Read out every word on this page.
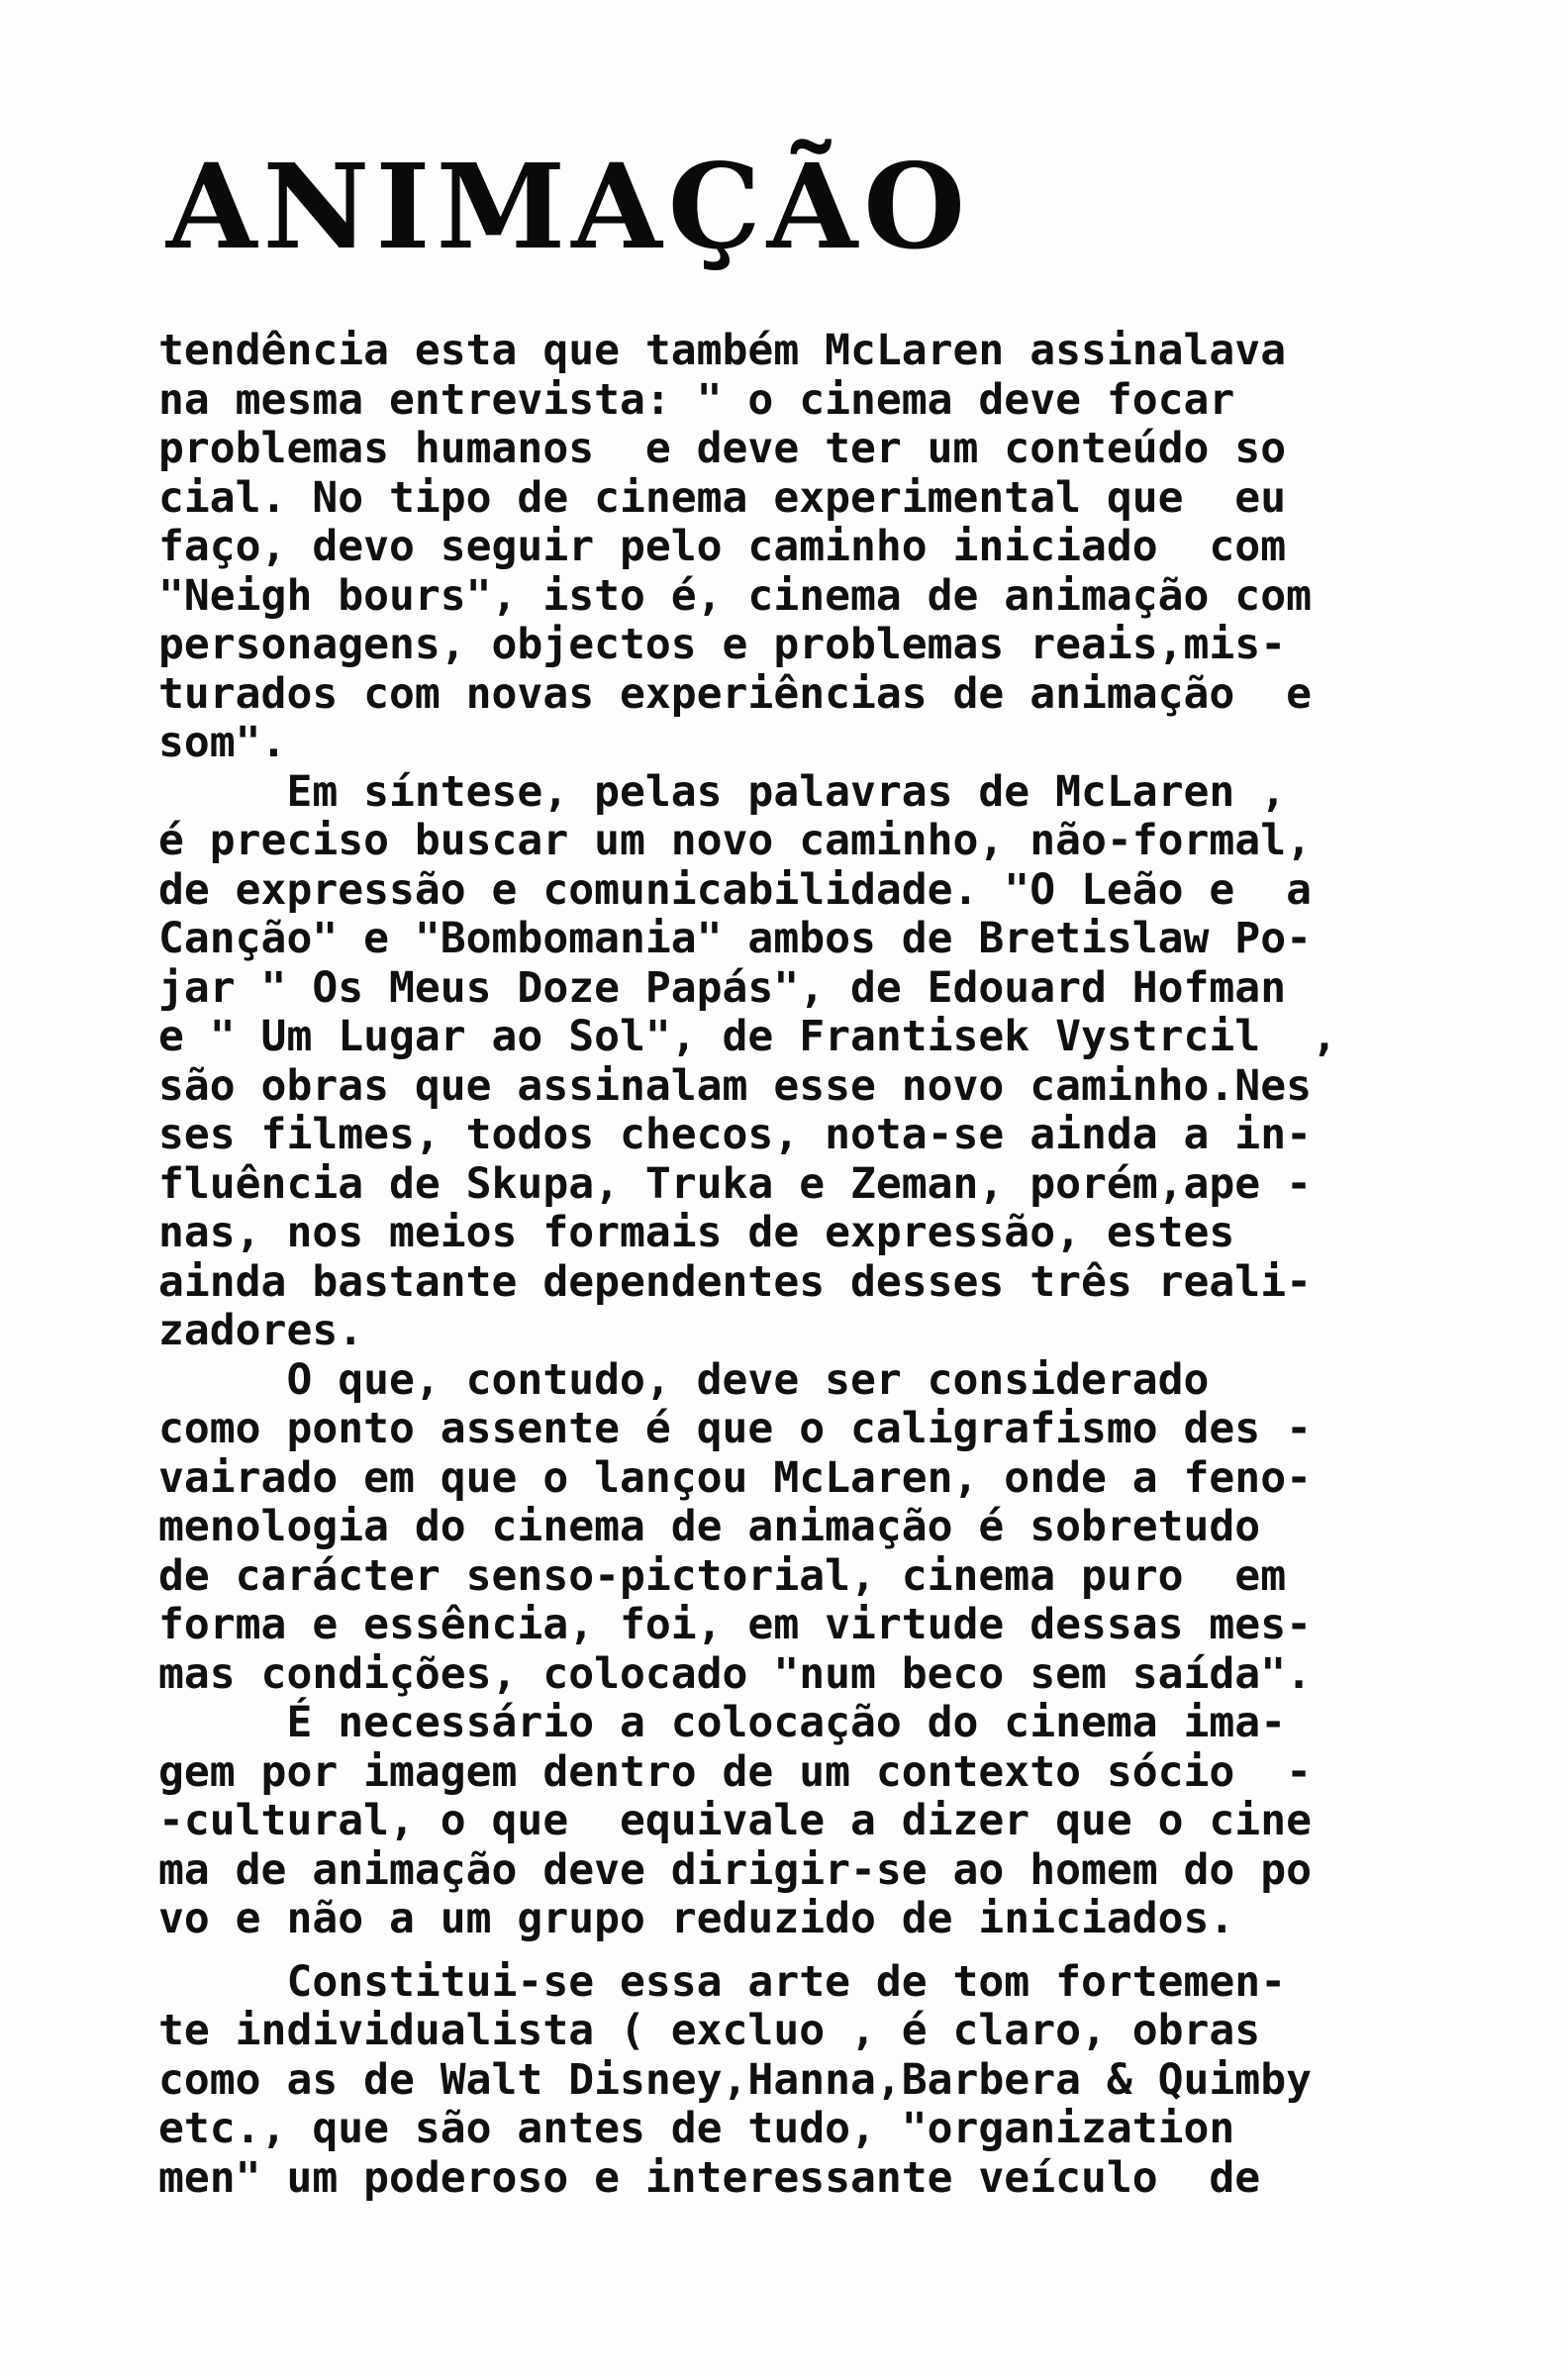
ANIMAÇÃO
tendência esta que também McLaren assinalava
na mesma entrevista: " o cinema deve focar
problemas humanos  e deve ter um conteúdo so
cial. No tipo de cinema experimental que  eu
faço, devo seguir pelo caminho iniciado  com
"Neigh bours", isto é, cinema de animação com
personagens, objectos e problemas reais,mis-
turados com novas experiências de animação  e
som".
Em síntese, pelas palavras de McLaren ,
é preciso buscar um novo caminho, não-formal,
de expressão e comunicabilidade. "O Leão e  a
Canção" e "Bombomania" ambos de Bretislaw Po-
jar " Os Meus Doze Papás", de Edouard Hofman
e " Um Lugar ao Sol", de Frantisek Vystrcil  ,
são obras que assinalam esse novo caminho.Nes
ses filmes, todos checos, nota-se ainda a in-
fluência de Skupa, Truka e Zeman, porém,ape -
nas, nos meios formais de expressão, estes
ainda bastante dependentes desses três reali-
zadores.
O que, contudo, deve ser considerado
como ponto assente é que o caligrafismo des -
vairado em que o lançou McLaren, onde a feno-
menologia do cinema de animação é sobretudo
de carácter senso-pictorial, cinema puro  em
forma e essência, foi, em virtude dessas mes-
mas condições, colocado "num beco sem saída".
É necessário a colocação do cinema ima-
gem por imagem dentro de um contexto sócio  -
-cultural, o que  equivale a dizer que o cine
ma de animação deve dirigir-se ao homem do po
vo e não a um grupo reduzido de iniciados.
Constitui-se essa arte de tom fortemen-
te individualista ( excluo , é claro, obras
como as de Walt Disney,Hanna,Barbera & Quimby
etc., que são antes de tudo, "organization
men" um poderoso e interessante veículo  de
